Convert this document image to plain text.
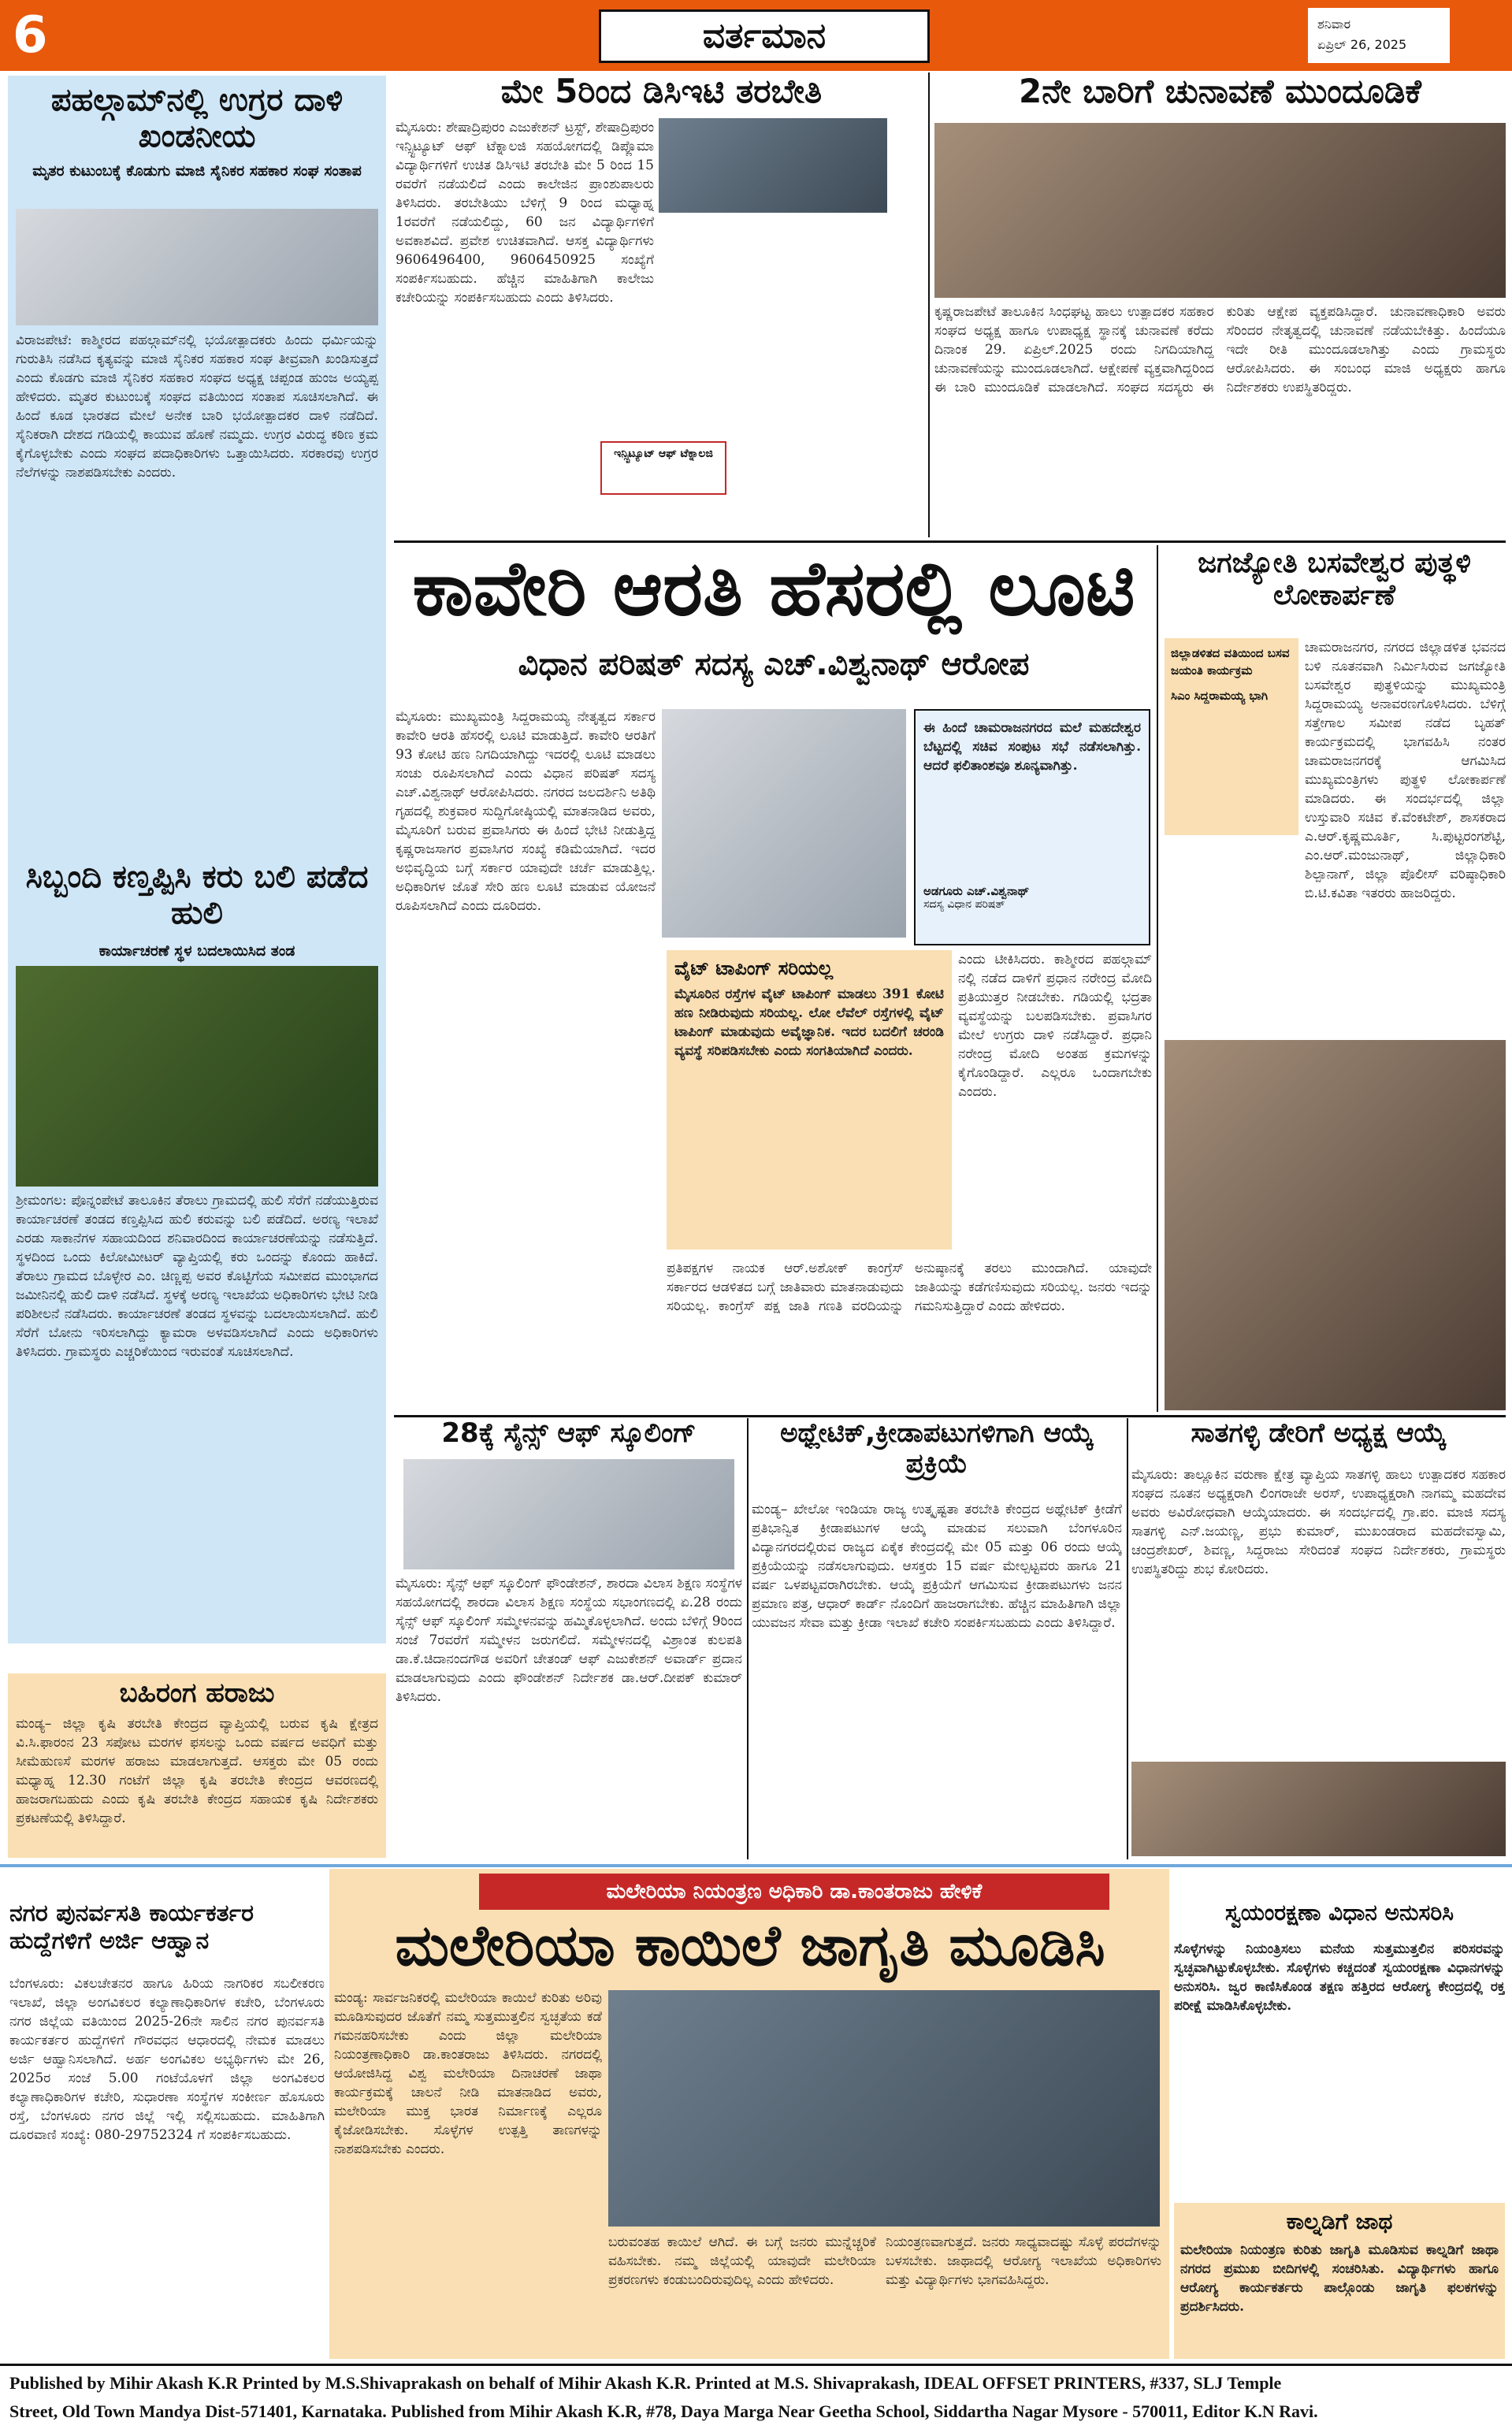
6	ವರ್ತಮಾನ	ಶನಿವಾರ
ಏಪ್ರಿಲ್ 26, 2025
ಪಹಲ್ಗಾಮ್‌ನಲ್ಲಿ ಉಗ್ರರ ದಾಳಿ ಖಂಡನೀಯ
ಮೃತರ ಕುಟುಂಬಕ್ಕೆ ಕೊಡುಗು ಮಾಜಿ ಸೈನಿಕರ ಸಹಕಾರ ಸಂಘ ಸಂತಾಪ
ವಿರಾಜಪೇಟೆ: ಕಾಶ್ಮೀರದ ಪಹಲ್ಗಾಮ್‌ನಲ್ಲಿ ಭಯೋತ್ಪಾದಕರು ಹಿಂದು ಧರ್ಮಿಯನ್ನು ಗುರುತಿಸಿ ನಡೆಸಿದ ಕೃತ್ಯವನ್ನು ಮಾಜಿ ಸೈನಿಕರ ಸಹಕಾರ ಸಂಘ ತೀವ್ರವಾಗಿ ಖಂಡಿಸುತ್ತದೆ ಎಂದು ಕೊಡಗು ಮಾಜಿ ಸೈನಿಕರ ಸಹಕಾರ ಸಂಘದ ಅಧ್ಯಕ್ಷ ಚಪ್ಪಂಡ ಹುಂಜ ಅಯ್ಯಪ್ಪ ಹೇಳಿದರು. ಮೃತರ ಕುಟುಂಬಕ್ಕೆ ಸಂಘದ ವತಿಯಿಂದ ಸಂತಾಪ ಸೂಚಿಸಲಾಗಿದೆ. ಈ ಹಿಂದೆ ಕೂಡ ಭಾರತದ ಮೇಲೆ ಅನೇಕ ಬಾರಿ ಭಯೋತ್ಪಾದಕರ ದಾಳಿ ನಡೆದಿದೆ. ಸೈನಿಕರಾಗಿ ದೇಶದ ಗಡಿಯಲ್ಲಿ ಕಾಯುವ ಹೊಣೆ ನಮ್ಮದು. ಉಗ್ರರ ವಿರುದ್ಧ ಕಠಿಣ ಕ್ರಮ ಕೈಗೊಳ್ಳಬೇಕು ಎಂದು ಸಂಘದ ಪದಾಧಿಕಾರಿಗಳು ಒತ್ತಾಯಿಸಿದರು. ಸರಕಾರವು ಉಗ್ರರ ನೆಲೆಗಳನ್ನು ನಾಶಪಡಿಸಬೇಕು ಎಂದರು.
ಸಿಬ್ಬಂದಿ ಕಣ್ತಪ್ಪಿಸಿ ಕರು ಬಲಿ ಪಡೆದ ಹುಲಿ
ಕಾರ್ಯಾಚರಣೆ ಸ್ಥಳ ಬದಲಾಯಿಸಿದ ತಂಡ
ಶ್ರೀಮಂಗಲ: ಪೊನ್ನಂಪೇಟೆ ತಾಲೂಕಿನ ತೆರಾಲು ಗ್ರಾಮದಲ್ಲಿ ಹುಲಿ ಸೆರೆಗೆ ನಡೆಯುತ್ತಿರುವ ಕಾರ್ಯಾಚರಣೆ ತಂಡದ ಕಣ್ತಪ್ಪಿಸಿದ ಹುಲಿ ಕರುವನ್ನು ಬಲಿ ಪಡೆದಿದೆ. ಅರಣ್ಯ ಇಲಾಖೆ ಎರಡು ಸಾಕಾನೆಗಳ ಸಹಾಯದಿಂದ ಶನಿವಾರದಿಂದ ಕಾರ್ಯಾಚರಣೆಯನ್ನು ನಡೆಸುತ್ತಿದೆ. ಸ್ಥಳದಿಂದ ಒಂದು ಕಿಲೋಮೀಟರ್ ವ್ಯಾಪ್ತಿಯಲ್ಲಿ ಕರು ಒಂದನ್ನು ಕೊಂದು ಹಾಕಿದೆ. ತೆರಾಲು ಗ್ರಾಮದ ಬೊಳ್ಳೇರ ಎಂ. ಚಿಣ್ಣಪ್ಪ ಅವರ ಕೊಟ್ಟಿಗೆಯ ಸಮೀಪದ ಮುಂಭಾಗದ ಜಮೀನಿನಲ್ಲಿ ಹುಲಿ ದಾಳಿ ನಡೆಸಿದೆ. ಸ್ಥಳಕ್ಕೆ ಅರಣ್ಯ ಇಲಾಖೆಯ ಅಧಿಕಾರಿಗಳು ಭೇಟಿ ನೀಡಿ ಪರಿಶೀಲನೆ ನಡೆಸಿದರು. ಕಾರ್ಯಾಚರಣೆ ತಂಡದ ಸ್ಥಳವನ್ನು ಬದಲಾಯಿಸಲಾಗಿದೆ. ಹುಲಿ ಸೆರೆಗೆ ಬೋನು ಇರಿಸಲಾಗಿದ್ದು ಕ್ಯಾಮರಾ ಅಳವಡಿಸಲಾಗಿದೆ ಎಂದು ಅಧಿಕಾರಿಗಳು ತಿಳಿಸಿದರು. ಗ್ರಾಮಸ್ಥರು ಎಚ್ಚರಿಕೆಯಿಂದ ಇರುವಂತೆ ಸೂಚಿಸಲಾಗಿದೆ.
ಬಹಿರಂಗ ಹರಾಜು
ಮಂಡ್ಯ– ಜಿಲ್ಲಾ ಕೃಷಿ ತರಬೇತಿ ಕೇಂದ್ರದ ವ್ಯಾಪ್ತಿಯಲ್ಲಿ ಬರುವ ಕೃಷಿ ಕ್ಷೇತ್ರದ ವಿ.ಸಿ.ಫಾರಂನ 23 ಸಪೋಟ ಮರಗಳ ಫಸಲನ್ನು ಒಂದು ವರ್ಷದ ಅವಧಿಗೆ ಮತ್ತು ಸೀಮೆಹುಣಸೆ ಮರಗಳ ಹರಾಜು ಮಾಡಲಾಗುತ್ತದೆ. ಆಸಕ್ತರು ಮೇ 05 ರಂದು ಮಧ್ಯಾಹ್ನ 12.30 ಗಂಟೆಗೆ ಜಿಲ್ಲಾ ಕೃಷಿ ತರಬೇತಿ ಕೇಂದ್ರದ ಆವರಣದಲ್ಲಿ ಹಾಜರಾಗಬಹುದು ಎಂದು ಕೃಷಿ ತರಬೇತಿ ಕೇಂದ್ರದ ಸಹಾಯಕ ಕೃಷಿ ನಿರ್ದೇಶಕರು ಪ್ರಕಟಣೆಯಲ್ಲಿ ತಿಳಿಸಿದ್ದಾರೆ.
ಮೇ 5ರಿಂದ ಡಿಸಿಇಟಿ ತರಬೇತಿ
ಇನ್ಸ್ಟಿಟ್ಯೂಟ್ ಆಫ್ ಟೆಕ್ನಾಲಜಿ
ಮೈಸೂರು: ಶೇಷಾದ್ರಿಪುರಂ ಎಜುಕೇಶನ್ ಟ್ರಸ್ಟ್, ಶೇಷಾದ್ರಿಪುರಂ ಇನ್ಸ್ಟಿಟ್ಯೂಟ್ ಆಫ್ ಟೆಕ್ನಾಲಜಿ ಸಹಯೋಗದಲ್ಲಿ ಡಿಪ್ಲೊಮಾ ವಿದ್ಯಾರ್ಥಿಗಳಿಗೆ ಉಚಿತ ಡಿಸಿಇಟಿ ತರಬೇತಿ ಮೇ 5 ರಿಂದ 15 ರವರೆಗೆ ನಡೆಯಲಿದೆ ಎಂದು ಕಾಲೇಜಿನ ಪ್ರಾಂಶುಪಾಲರು ತಿಳಿಸಿದರು. ತರಬೇತಿಯು ಬೆಳಿಗ್ಗೆ 9 ರಿಂದ ಮಧ್ಯಾಹ್ನ 1ರವರೆಗೆ ನಡೆಯಲಿದ್ದು, 60 ಜನ ವಿದ್ಯಾರ್ಥಿಗಳಿಗೆ ಅವಕಾಶವಿದೆ. ಪ್ರವೇಶ ಉಚಿತವಾಗಿದೆ. ಆಸಕ್ತ ವಿದ್ಯಾರ್ಥಿಗಳು 9606496400, 9606450925 ಸಂಖ್ಯೆಗೆ ಸಂಪರ್ಕಿಸಬಹುದು. ಹೆಚ್ಚಿನ ಮಾಹಿತಿಗಾಗಿ ಕಾಲೇಜು ಕಚೇರಿಯನ್ನು ಸಂಪರ್ಕಿಸಬಹುದು ಎಂದು ತಿಳಿಸಿದರು.
2ನೇ ಬಾರಿಗೆ ಚುನಾವಣೆ ಮುಂದೂಡಿಕೆ
ಕೃಷ್ಣರಾಜಪೇಟೆ ತಾಲೂಕಿನ ಸಿಂಧಘಟ್ಟ ಹಾಲು ಉತ್ಪಾದಕರ ಸಹಕಾರ ಸಂಘದ ಅಧ್ಯಕ್ಷ ಹಾಗೂ ಉಪಾಧ್ಯಕ್ಷ ಸ್ಥಾನಕ್ಕೆ ಚುನಾವಣೆ ಕರೆದು ದಿನಾಂಕ 29. ಏಪ್ರಿಲ್.2025 ರಂದು ನಿಗದಿಯಾಗಿದ್ದ ಚುನಾವಣೆಯನ್ನು ಮುಂದೂಡಲಾಗಿದೆ. ಆಕ್ಷೇಪಣೆ ವ್ಯಕ್ತವಾಗಿದ್ದರಿಂದ ಈ ಬಾರಿ ಮುಂದೂಡಿಕೆ ಮಾಡಲಾಗಿದೆ. ಸಂಘದ ಸದಸ್ಯರು ಈ ಕುರಿತು ಆಕ್ಷೇಪ ವ್ಯಕ್ತಪಡಿಸಿದ್ದಾರೆ. ಚುನಾವಣಾಧಿಕಾರಿ ಅವರು ಸೆರಿಂದರ ನೇತೃತ್ವದಲ್ಲಿ ಚುನಾವಣೆ ನಡೆಯಬೇಕಿತ್ತು. ಹಿಂದೆಯೂ ಇದೇ ರೀತಿ ಮುಂದೂಡಲಾಗಿತ್ತು ಎಂದು ಗ್ರಾಮಸ್ಥರು ಆರೋಪಿಸಿದರು. ಈ ಸಂಬಂಧ ಮಾಜಿ ಅಧ್ಯಕ್ಷರು ಹಾಗೂ ನಿರ್ದೇಶಕರು ಉಪಸ್ಥಿತರಿದ್ದರು.
ಕಾವೇರಿ ಆರತಿ ಹೆಸರಲ್ಲಿ ಲೂಟಿ
ವಿಧಾನ ಪರಿಷತ್ ಸದಸ್ಯ ಎಚ್.ವಿಶ್ವನಾಥ್ ಆರೋಪ
ಮೈಸೂರು: ಮುಖ್ಯಮಂತ್ರಿ ಸಿದ್ದರಾಮಯ್ಯ ನೇತೃತ್ವದ ಸರ್ಕಾರ ಕಾವೇರಿ ಆರತಿ ಹೆಸರಲ್ಲಿ ಲೂಟಿ ಮಾಡುತ್ತಿದೆ. ಕಾವೇರಿ ಆರತಿಗೆ 93 ಕೋಟಿ ಹಣ ನಿಗದಿಯಾಗಿದ್ದು ಇದರಲ್ಲಿ ಲೂಟಿ ಮಾಡಲು ಸಂಚು ರೂಪಿಸಲಾಗಿದೆ ಎಂದು ವಿಧಾನ ಪರಿಷತ್ ಸದಸ್ಯ ಎಚ್.ವಿಶ್ವನಾಥ್ ಆರೋಪಿಸಿದರು. ನಗರದ ಜಲದರ್ಶಿನಿ ಅತಿಥಿ ಗೃಹದಲ್ಲಿ ಶುಕ್ರವಾರ ಸುದ್ದಿಗೋಷ್ಠಿಯಲ್ಲಿ ಮಾತನಾಡಿದ ಅವರು, ಮೈಸೂರಿಗೆ ಬರುವ ಪ್ರವಾಸಿಗರು ಈ ಹಿಂದೆ ಭೇಟಿ ನೀಡುತ್ತಿದ್ದ ಕೃಷ್ಣರಾಜಸಾಗರ ಪ್ರವಾಸಿಗರ ಸಂಖ್ಯೆ ಕಡಿಮೆಯಾಗಿದೆ. ಇದರ ಅಭಿವೃದ್ಧಿಯ ಬಗ್ಗೆ ಸರ್ಕಾರ ಯಾವುದೇ ಚರ್ಚೆ ಮಾಡುತ್ತಿಲ್ಲ. ಅಧಿಕಾರಿಗಳ ಜೊತೆ ಸೇರಿ ಹಣ ಲೂಟಿ ಮಾಡುವ ಯೋಜನೆ ರೂಪಿಸಲಾಗಿದೆ ಎಂದು ದೂರಿದರು.
ಈ ಹಿಂದೆ ಚಾಮರಾಜನಗರದ ಮಲೆ ಮಹದೇಶ್ವರ ಬೆಟ್ಟದಲ್ಲಿ ಸಚಿವ ಸಂಪುಟ ಸಭೆ ನಡೆಸಲಾಗಿತ್ತು. ಆದರೆ ಫಲಿತಾಂಶವೂ ಶೂನ್ಯವಾಗಿತ್ತು.
ಅಡಗೂರು ಎಚ್.ವಿಶ್ವನಾಥ್
ಸದಸ್ಯ ವಿಧಾನ ಪರಿಷತ್
ವೈಟ್ ಟಾಪಿಂಗ್ ಸರಿಯಲ್ಲ
ಮೈಸೂರಿನ ರಸ್ತೆಗಳ ವೈಟ್ ಟಾಪಿಂಗ್ ಮಾಡಲು 391 ಕೋಟಿ ಹಣ ನೀಡಿರುವುದು ಸರಿಯಲ್ಲ. ಲೋ ಲೆವೆಲ್ ರಸ್ತೆಗಳಲ್ಲಿ ವೈಟ್ ಟಾಪಿಂಗ್ ಮಾಡುವುದು ಅವೈಜ್ಞಾನಿಕ. ಇದರ ಬದಲಿಗೆ ಚರಂಡಿ ವ್ಯವಸ್ಥೆ ಸರಿಪಡಿಸಬೇಕು ಎಂದು ಸಂಗತಿಯಾಗಿದೆ ಎಂದರು.
ಎಂದು ಟೀಕಿಸಿದರು. ಕಾಶ್ಮೀರದ ಪಹಲ್ಗಾಮ್ ನಲ್ಲಿ ನಡೆದ ದಾಳಿಗೆ ಪ್ರಧಾನ ನರೇಂದ್ರ ಮೋದಿ ಪ್ರತಿಯುತ್ತರ ನೀಡಬೇಕು. ಗಡಿಯಲ್ಲಿ ಭದ್ರತಾ ವ್ಯವಸ್ಥೆಯನ್ನು ಬಲಪಡಿಸಬೇಕು. ಪ್ರವಾಸಿಗರ ಮೇಲೆ ಉಗ್ರರು ದಾಳಿ ನಡೆಸಿದ್ದಾರೆ. ಪ್ರಧಾನಿ ನರೇಂದ್ರ ಮೋದಿ ಅಂತಹ ಕ್ರಮಗಳನ್ನು ಕೈಗೊಂಡಿದ್ದಾರೆ. ಎಲ್ಲರೂ ಒಂದಾಗಬೇಕು ಎಂದರು.
ಪ್ರತಿಪಕ್ಷಗಳ ನಾಯಕ ಆರ್.ಅಶೋಕ್ ಕಾಂಗ್ರೆಸ್ ಸರ್ಕಾರದ ಆಡಳಿತದ ಬಗ್ಗೆ ಜಾತಿವಾರು ಮಾತನಾಡುವುದು ಸರಿಯಲ್ಲ. ಕಾಂಗ್ರೆಸ್ ಪಕ್ಷ ಜಾತಿ ಗಣತಿ ವರದಿಯನ್ನು ಅನುಷ್ಠಾನಕ್ಕೆ ತರಲು ಮುಂದಾಗಿದೆ. ಯಾವುದೇ ಜಾತಿಯನ್ನು ಕಡೆಗಣಿಸುವುದು ಸರಿಯಲ್ಲ. ಜನರು ಇದನ್ನು ಗಮನಿಸುತ್ತಿದ್ದಾರೆ ಎಂದು ಹೇಳಿದರು.
ಜಗಜ್ಯೋತಿ ಬಸವೇಶ್ವರ ಪುತ್ಥಳಿ ಲೋಕಾರ್ಪಣೆ
ಜಿಲ್ಲಾಡಳಿತದ ವತಿಯಿಂದ ಬಸವ ಜಯಂತಿ ಕಾರ್ಯಕ್ರಮ
ಸಿಎಂ ಸಿದ್ದರಾಮಯ್ಯ ಭಾಗಿ
ಚಾಮರಾಜನಗರ, ನಗರದ ಜಿಲ್ಲಾಡಳಿತ ಭವನದ ಬಳಿ ನೂತನವಾಗಿ ನಿರ್ಮಿಸಿರುವ ಜಗಜ್ಯೋತಿ ಬಸವೇಶ್ವರ ಪುತ್ಥಳಿಯನ್ನು ಮುಖ್ಯಮಂತ್ರಿ ಸಿದ್ದರಾಮಯ್ಯ ಅನಾವರಣಗೊಳಿಸಿದರು. ಬೆಳಿಗ್ಗೆ ಸತ್ತೇಗಾಲ ಸಮೀಪ ನಡೆದ ಬೃಹತ್ ಕಾರ್ಯಕ್ರಮದಲ್ಲಿ ಭಾಗವಹಿಸಿ ನಂತರ ಚಾಮರಾಜನಗರಕ್ಕೆ ಆಗಮಿಸಿದ ಮುಖ್ಯಮಂತ್ರಿಗಳು ಪುತ್ಥಳಿ ಲೋಕಾರ್ಪಣೆ ಮಾಡಿದರು. ಈ ಸಂದರ್ಭದಲ್ಲಿ ಜಿಲ್ಲಾ ಉಸ್ತುವಾರಿ ಸಚಿವ ಕೆ.ವೆಂಕಟೇಶ್, ಶಾಸಕರಾದ ಎ.ಆರ್.ಕೃಷ್ಣಮೂರ್ತಿ, ಸಿ.ಪುಟ್ಟರಂಗಶೆಟ್ಟಿ, ಎಂ.ಆರ್.ಮಂಜುನಾಥ್, ಜಿಲ್ಲಾಧಿಕಾರಿ ಶಿಲ್ಪಾನಾಗ್, ಜಿಲ್ಲಾ ಪೊಲೀಸ್ ವರಿಷ್ಠಾಧಿಕಾರಿ ಬಿ.ಟಿ.ಕವಿತಾ ಇತರರು ಹಾಜರಿದ್ದರು.
28ಕ್ಕೆ ಸೈನ್ಸ್ ಆಫ್ ಸ್ಕೂಲಿಂಗ್
ಮೈಸೂರು: ಸೈನ್ಸ್ ಆಫ್ ಸ್ಕೂಲಿಂಗ್ ಫೌಂಡೇಶನ್, ಶಾರದಾ ವಿಲಾಸ ಶಿಕ್ಷಣ ಸಂಸ್ಥೆಗಳ ಸಹಯೋಗದಲ್ಲಿ ಶಾರದಾ ವಿಲಾಸ ಶಿಕ್ಷಣ ಸಂಸ್ಥೆಯ ಸಭಾಂಗಣದಲ್ಲಿ ಏ.28 ರಂದು ಸೈನ್ಸ್ ಆಫ್ ಸ್ಕೂಲಿಂಗ್ ಸಮ್ಮೇಳನವನ್ನು ಹಮ್ಮಿಕೊಳ್ಳಲಾಗಿದೆ. ಅಂದು ಬೆಳಿಗ್ಗೆ 9ರಿಂದ ಸಂಜೆ 7ರವರೆಗೆ ಸಮ್ಮೇಳನ ಜರುಗಲಿದೆ. ಸಮ್ಮೇಳನದಲ್ಲಿ ವಿಶ್ರಾಂತ ಕುಲಪತಿ ಡಾ.ಕೆ.ಚಿದಾನಂದಗೌಡ ಅವರಿಗೆ ಚೇತಂಡ್ ಆಫ್ ಎಜುಕೇಶನ್ ಅವಾರ್ಡ್ ಪ್ರದಾನ ಮಾಡಲಾಗುವುದು ಎಂದು ಫೌಂಡೇಶನ್ ನಿರ್ದೇಶಕ ಡಾ.ಆರ್.ದೀಪಕ್ ಕುಮಾರ್ ತಿಳಿಸಿದರು.
ಅಥ್ಲೇಟಿಕ್,ಕ್ರೀಡಾಪಟುಗಳಿಗಾಗಿ ಆಯ್ಕೆ ಪ್ರಕ್ರಿಯೆ
ಮಂಡ್ಯ– ಖೇಲೋ ಇಂಡಿಯಾ ರಾಜ್ಯ ಉತ್ಕೃಷ್ಟತಾ ತರಬೇತಿ ಕೇಂದ್ರದ ಅಥ್ಲೇಟಿಕ್ ಕ್ರೀಡೆಗೆ ಪ್ರತಿಭಾನ್ವಿತ ಕ್ರೀಡಾಪಟುಗಳ ಆಯ್ಕೆ ಮಾಡುವ ಸಲುವಾಗಿ ಬೆಂಗಳೂರಿನ ವಿದ್ಯಾನಗರದಲ್ಲಿರುವ ರಾಜ್ಯದ ಏಕೈಕ ಕೇಂದ್ರದಲ್ಲಿ ಮೇ 05 ಮತ್ತು 06 ರಂದು ಆಯ್ಕೆ ಪ್ರಕ್ರಿಯೆಯನ್ನು ನಡೆಸಲಾಗುವುದು. ಆಸಕ್ತರು 15 ವರ್ಷ ಮೇಲ್ಪಟ್ಟವರು ಹಾಗೂ 21 ವರ್ಷ ಒಳಪಟ್ಟವರಾಗಿರಬೇಕು. ಆಯ್ಕೆ ಪ್ರಕ್ರಿಯೆಗೆ ಆಗಮಿಸುವ ಕ್ರೀಡಾಪಟುಗಳು ಜನನ ಪ್ರಮಾಣ ಪತ್ರ, ಆಧಾರ್ ಕಾರ್ಡ್ ನೊಂದಿಗೆ ಹಾಜರಾಗಬೇಕು. ಹೆಚ್ಚಿನ ಮಾಹಿತಿಗಾಗಿ ಜಿಲ್ಲಾ ಯುವಜನ ಸೇವಾ ಮತ್ತು ಕ್ರೀಡಾ ಇಲಾಖೆ ಕಚೇರಿ ಸಂಪರ್ಕಿಸಬಹುದು ಎಂದು ತಿಳಿಸಿದ್ದಾರೆ.
ಸಾತಗಳ್ಳಿ ಡೇರಿಗೆ ಅಧ್ಯಕ್ಷ ಆಯ್ಕೆ
ಮೈಸೂರು: ತಾಲ್ಲೂಕಿನ ವರುಣಾ ಕ್ಷೇತ್ರ ವ್ಯಾಪ್ತಿಯ ಸಾತಗಳ್ಳಿ ಹಾಲು ಉತ್ಪಾದಕರ ಸಹಕಾರ ಸಂಘದ ನೂತನ ಅಧ್ಯಕ್ಷರಾಗಿ ಲಿಂಗರಾಜೇ ಅರಸ್, ಉಪಾಧ್ಯಕ್ಷರಾಗಿ ನಾಗಮ್ಮ ಮಹದೇವ ಅವರು ಅವಿರೋಧವಾಗಿ ಆಯ್ಕೆಯಾದರು. ಈ ಸಂದರ್ಭದಲ್ಲಿ ಗ್ರಾ.ಪಂ. ಮಾಜಿ ಸದಸ್ಯ ಸಾತಗಳ್ಳಿ ಎನ್.ಜಯಣ್ಣ, ಪ್ರಭು ಕುಮಾರ್, ಮುಖಂಡರಾದ ಮಹದೇವಸ್ವಾಮಿ, ಚಂದ್ರಶೇಖರ್, ಶಿವಣ್ಣ, ಸಿದ್ದರಾಜು ಸೇರಿದಂತೆ ಸಂಘದ ನಿರ್ದೇಶಕರು, ಗ್ರಾಮಸ್ಥರು ಉಪಸ್ಥಿತರಿದ್ದು ಶುಭ ಕೋರಿದರು.
ನಗರ ಪುನರ್ವಸತಿ ಕಾರ್ಯಕರ್ತರ ಹುದ್ದೆಗಳಿಗೆ ಅರ್ಜಿ ಆಹ್ವಾನ
ಬೆಂಗಳೂರು: ವಿಕಲಚೇತನರ ಹಾಗೂ ಹಿರಿಯ ನಾಗರಿಕರ ಸಬಲೀಕರಣ ಇಲಾಖೆ, ಜಿಲ್ಲಾ ಅಂಗವಿಕಲರ ಕಲ್ಯಾಣಾಧಿಕಾರಿಗಳ ಕಚೇರಿ, ಬೆಂಗಳೂರು ನಗರ ಜಿಲ್ಲೆಯ ವತಿಯಿಂದ 2025-26ನೇ ಸಾಲಿನ ನಗರ ಪುನರ್ವಸತಿ ಕಾರ್ಯಕರ್ತರ ಹುದ್ದೆಗಳಿಗೆ ಗೌರವಧನ ಆಧಾರದಲ್ಲಿ ನೇಮಕ ಮಾಡಲು ಅರ್ಜಿ ಆಹ್ವಾನಿಸಲಾಗಿದೆ. ಅರ್ಹ ಅಂಗವಿಕಲ ಅಭ್ಯರ್ಥಿಗಳು ಮೇ 26, 2025ರ ಸಂಜೆ 5.00 ಗಂಟೆಯೊಳಗೆ ಜಿಲ್ಲಾ ಅಂಗವಿಕಲರ ಕಲ್ಯಾಣಾಧಿಕಾರಿಗಳ ಕಚೇರಿ, ಸುಧಾರಣಾ ಸಂಸ್ಥೆಗಳ ಸಂಕೀರ್ಣ ಹೊಸೂರು ರಸ್ತೆ, ಬೆಂಗಳೂರು ನಗರ ಜಿಲ್ಲೆ ಇಲ್ಲಿ ಸಲ್ಲಿಸಬಹುದು. ಮಾಹಿತಿಗಾಗಿ ದೂರವಾಣಿ ಸಂಖ್ಯೆ: 080-29752324 ಗೆ ಸಂಪರ್ಕಿಸಬಹುದು.
ಮಲೇರಿಯಾ ನಿಯಂತ್ರಣ ಅಧಿಕಾರಿ ಡಾ.ಕಾಂತರಾಜು ಹೇಳಿಕೆ
ಮಲೇರಿಯಾ ಕಾಯಿಲೆ ಜಾಗೃತಿ ಮೂಡಿಸಿ
ಮಂಡ್ಯ: ಸಾರ್ವಜನಿಕರಲ್ಲಿ ಮಲೇರಿಯಾ ಕಾಯಿಲೆ ಕುರಿತು ಅರಿವು ಮೂಡಿಸುವುದರ ಜೊತೆಗೆ ನಮ್ಮ ಸುತ್ತಮುತ್ತಲಿನ ಸ್ವಚ್ಛತೆಯ ಕಡೆ ಗಮನಹರಿಸಬೇಕು ಎಂದು ಜಿಲ್ಲಾ ಮಲೇರಿಯಾ ನಿಯಂತ್ರಣಾಧಿಕಾರಿ ಡಾ.ಕಾಂತರಾಜು ತಿಳಿಸಿದರು. ನಗರದಲ್ಲಿ ಆಯೋಜಿಸಿದ್ದ ವಿಶ್ವ ಮಲೇರಿಯಾ ದಿನಾಚರಣೆ ಜಾಥಾ ಕಾರ್ಯಕ್ರಮಕ್ಕೆ ಚಾಲನೆ ನೀಡಿ ಮಾತನಾಡಿದ ಅವರು, ಮಲೇರಿಯಾ ಮುಕ್ತ ಭಾರತ ನಿರ್ಮಾಣಕ್ಕೆ ಎಲ್ಲರೂ ಕೈಜೋಡಿಸಬೇಕು. ಸೊಳ್ಳೆಗಳ ಉತ್ಪತ್ತಿ ತಾಣಗಳನ್ನು ನಾಶಪಡಿಸಬೇಕು ಎಂದರು.
ಬರುವಂತಹ ಕಾಯಿಲೆ ಆಗಿದೆ. ಈ ಬಗ್ಗೆ ಜನರು ಮುನ್ನೆಚ್ಚರಿಕೆ ವಹಿಸಬೇಕು. ನಮ್ಮ ಜಿಲ್ಲೆಯಲ್ಲಿ ಯಾವುದೇ ಮಲೇರಿಯಾ ಪ್ರಕರಣಗಳು ಕಂಡುಬಂದಿರುವುದಿಲ್ಲ ಎಂದು ಹೇಳಿದರು.
ನಿಯಂತ್ರಣವಾಗುತ್ತದೆ. ಜನರು ಸಾಧ್ಯವಾದಷ್ಟು ಸೊಳ್ಳೆ ಪರದೆಗಳನ್ನು ಬಳಸಬೇಕು. ಜಾಥಾದಲ್ಲಿ ಆರೋಗ್ಯ ಇಲಾಖೆಯ ಅಧಿಕಾರಿಗಳು ಮತ್ತು ವಿದ್ಯಾರ್ಥಿಗಳು ಭಾಗವಹಿಸಿದ್ದರು.
ಸ್ವಯಂರಕ್ಷಣಾ ವಿಧಾನ ಅನುಸರಿಸಿ
ಸೊಳ್ಳೆಗಳನ್ನು ನಿಯಂತ್ರಿಸಲು ಮನೆಯ ಸುತ್ತಮುತ್ತಲಿನ ಪರಿಸರವನ್ನು ಸ್ವಚ್ಛವಾಗಿಟ್ಟುಕೊಳ್ಳಬೇಕು. ಸೊಳ್ಳೆಗಳು ಕಚ್ಚದಂತೆ ಸ್ವಯಂರಕ್ಷಣಾ ವಿಧಾನಗಳನ್ನು ಅನುಸರಿಸಿ. ಜ್ವರ ಕಾಣಿಸಿಕೊಂಡ ತಕ್ಷಣ ಹತ್ತಿರದ ಆರೋಗ್ಯ ಕೇಂದ್ರದಲ್ಲಿ ರಕ್ತ ಪರೀಕ್ಷೆ ಮಾಡಿಸಿಕೊಳ್ಳಬೇಕು.
ಕಾಲ್ನಡಿಗೆ ಜಾಥ
ಮಲೇರಿಯಾ ನಿಯಂತ್ರಣ ಕುರಿತು ಜಾಗೃತಿ ಮೂಡಿಸುವ ಕಾಲ್ನಡಿಗೆ ಜಾಥಾ ನಗರದ ಪ್ರಮುಖ ಬೀದಿಗಳಲ್ಲಿ ಸಂಚರಿಸಿತು. ವಿದ್ಯಾರ್ಥಿಗಳು ಹಾಗೂ ಆರೋಗ್ಯ ಕಾರ್ಯಕರ್ತರು ಪಾಲ್ಗೊಂಡು ಜಾಗೃತಿ ಫಲಕಗಳನ್ನು ಪ್ರದರ್ಶಿಸಿದರು.
Published by Mihir Akash K.R Printed by M.S.Shivaprakash on behalf of Mihir Akash K.R. Printed at M.S. Shivaprakash, IDEAL OFFSET PRINTERS, #337, SLJ Temple
Street, Old Town Mandya Dist-571401, Karnataka. Published from Mihir Akash K.R, #78, Daya Marga Near Geetha School, Siddartha Nagar Mysore - 570011, Editor K.N Ravi.
